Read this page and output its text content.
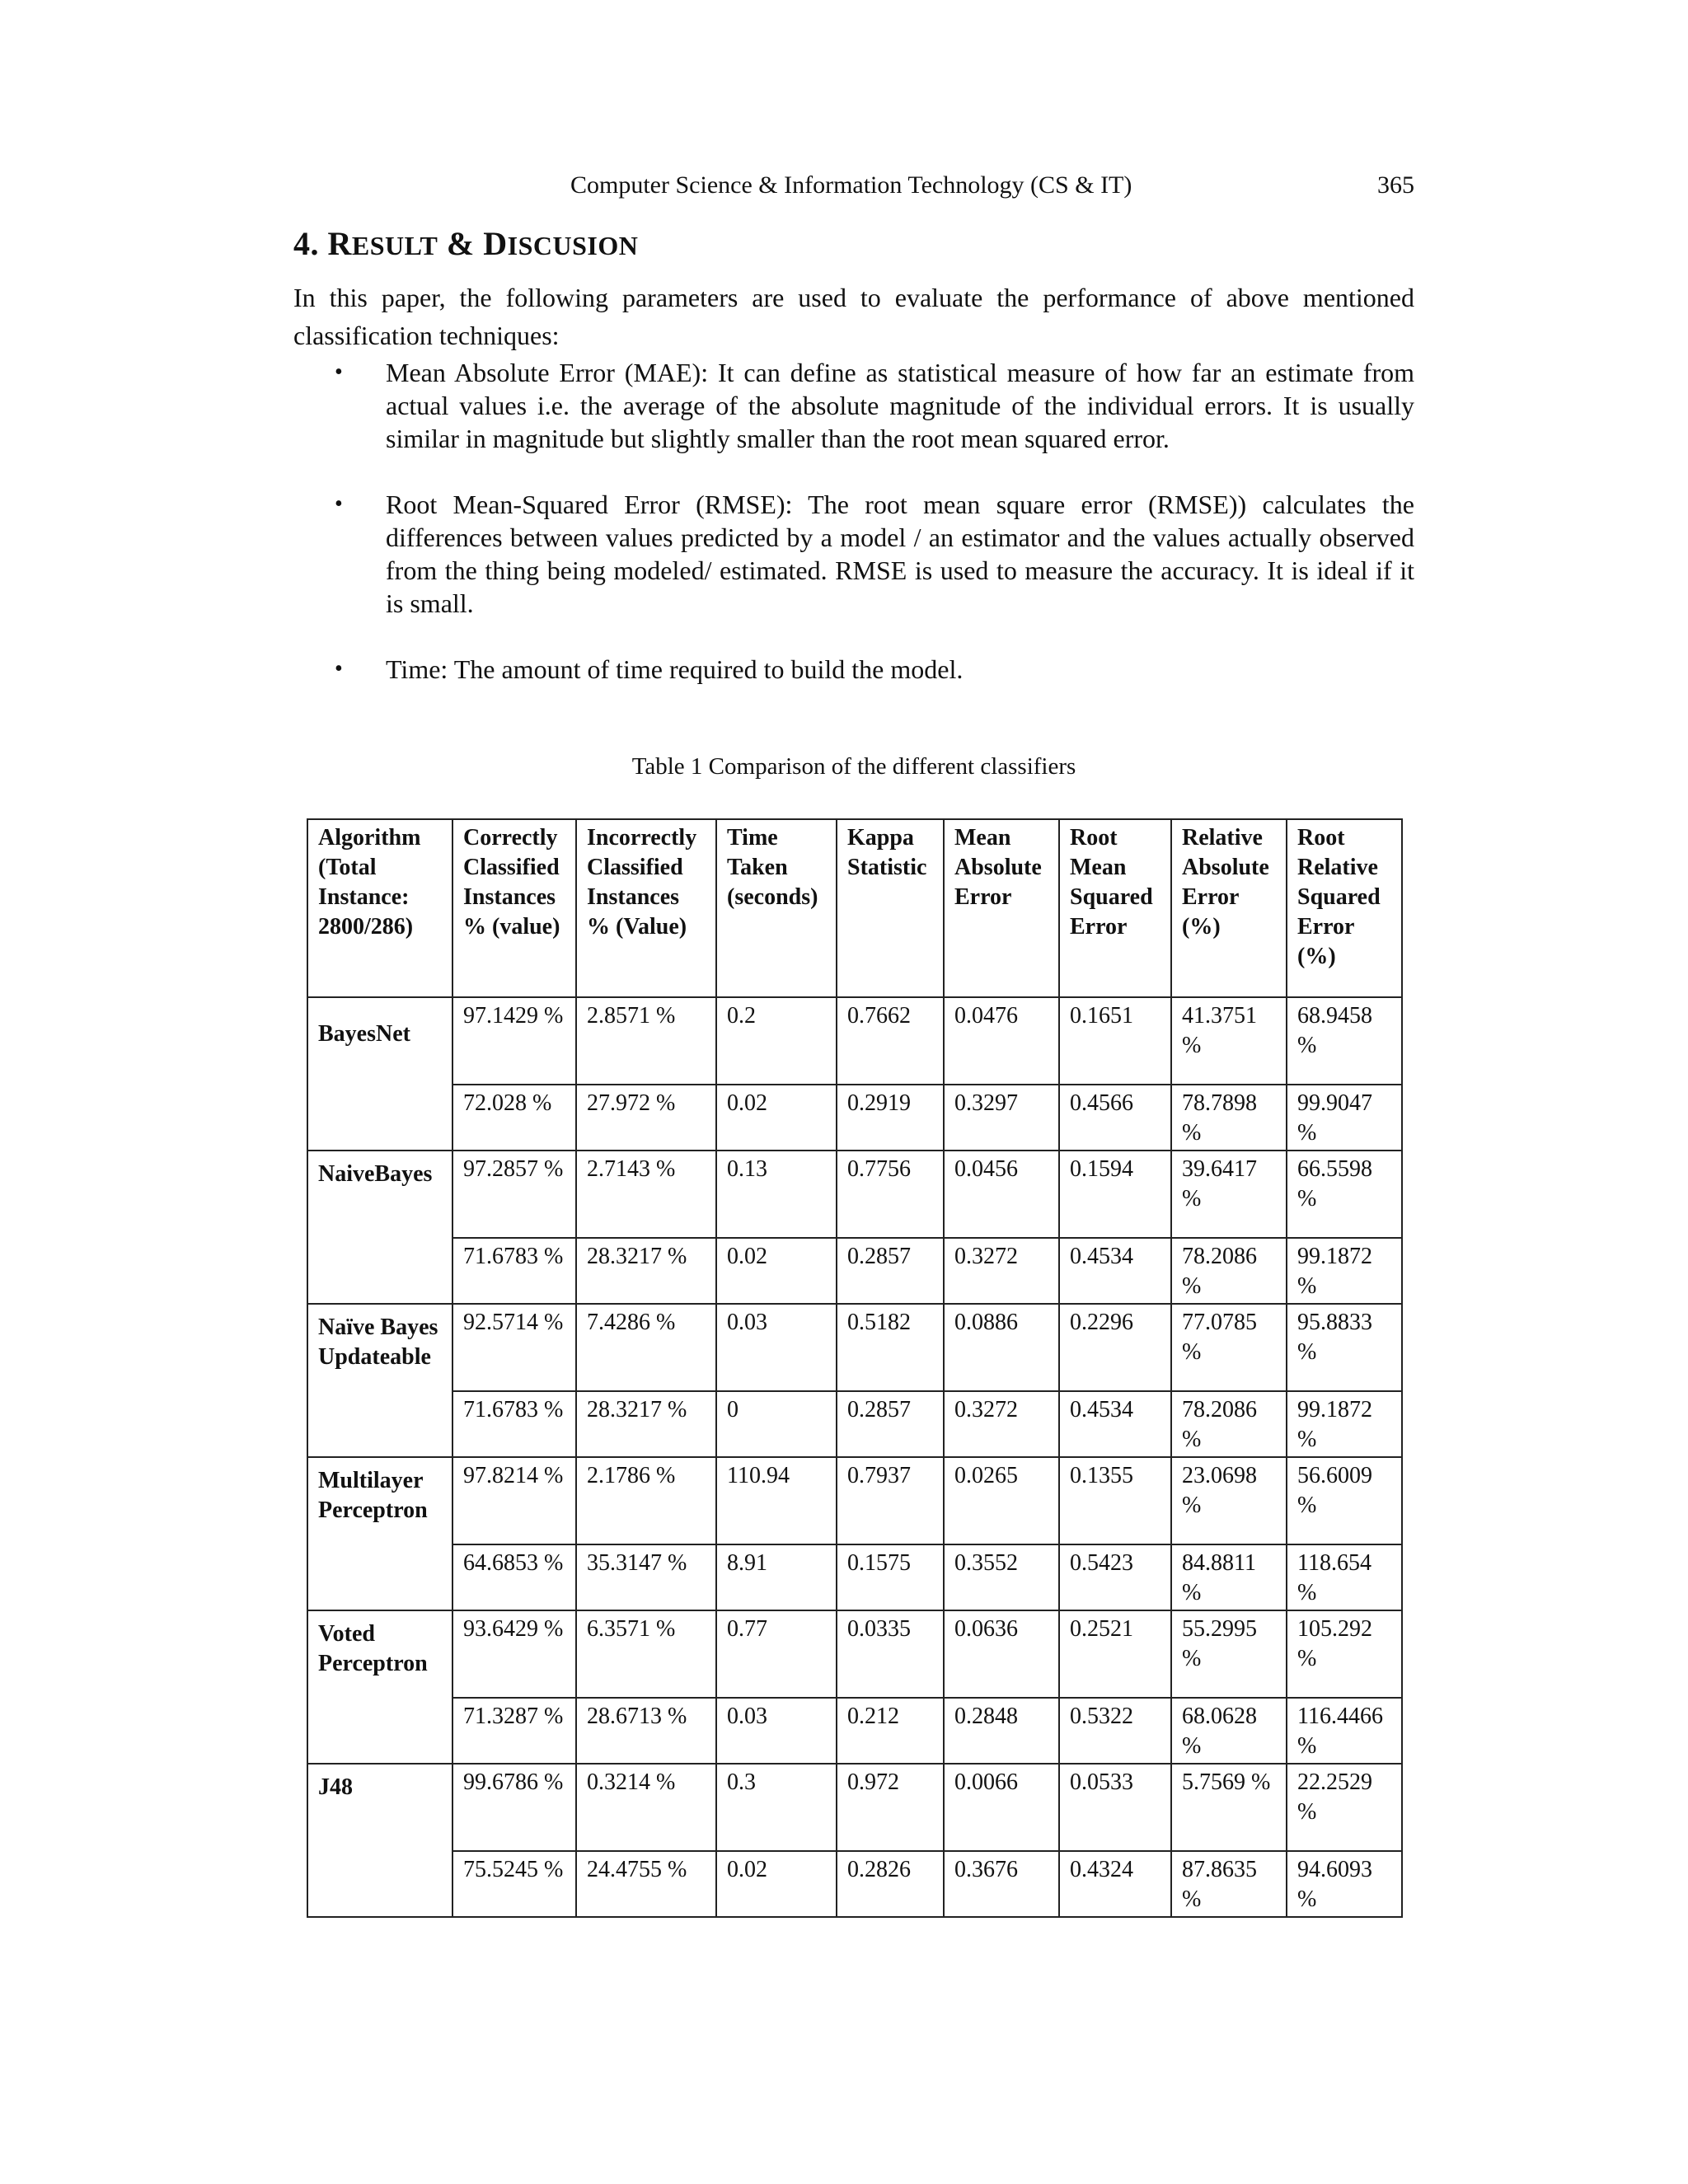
Computer Science & Information Technology (CS & IT)	365
4. RESULT & DISCUSION

In this paper, the following parameters are used to evaluate the performance of above mentioned classification techniques:

• Mean Absolute Error (MAE): It can define as statistical measure of how far an estimate from actual values i.e. the average of the absolute magnitude of the individual errors. It is usually similar in magnitude but slightly smaller than the root mean squared error.
• Root Mean-Squared Error (RMSE): The root mean square error (RMSE)) calculates the differences between values predicted by a model / an estimator and the values actually observed from the thing being modeled/ estimated. RMSE is used to measure the accuracy. It is ideal if it is small.
• Time: The amount of time required to build the model.
Table 1 Comparison of the different classifiers
Algorithm (Total Instance: 2800/286)	Correctly Classified Instances % (value)	Incorrectly Classified Instances % (Value)	Time Taken (seconds)	Kappa Statistic	Mean Absolute Error	Root Mean Squared Error	Relative Absolute Error (%)	Root Relative Squared Error (%)
BayesNet	97.1429 %	2.8571 %	0.2	0.7662	0.0476	0.1651	41.3751 %	68.9458 %
	72.028 %	27.972 %	0.02	0.2919	0.3297	0.4566	78.7898 %	99.9047 %
NaiveBayes	97.2857 %	2.7143 %	0.13	0.7756	0.0456	0.1594	39.6417 %	66.5598 %
	71.6783 %	28.3217 %	0.02	0.2857	0.3272	0.4534	78.2086 %	99.1872 %
Naïve Bayes Updateable	92.5714 %	7.4286 %	0.03	0.5182	0.0886	0.2296	77.0785 %	95.8833 %
	71.6783 %	28.3217 %	0	0.2857	0.3272	0.4534	78.2086 %	99.1872 %
Multilayer Perceptron	97.8214 %	2.1786 %	110.94	0.7937	0.0265	0.1355	23.0698 %	56.6009 %
	64.6853 %	35.3147 %	8.91	0.1575	0.3552	0.5423	84.8811 %	118.654 %
Voted Perceptron	93.6429 %	6.3571 %	0.77	0.0335	0.0636	0.2521	55.2995 %	105.292 %
	71.3287 %	28.6713 %	0.03	0.212	0.2848	0.5322	68.0628 %	116.4466 %
J48	99.6786 %	0.3214 %	0.3	0.972	0.0066	0.0533	5.7569 %	22.2529 %
	75.5245 %	24.4755 %	0.02	0.2826	0.3676	0.4324	87.8635 %	94.6093 %
